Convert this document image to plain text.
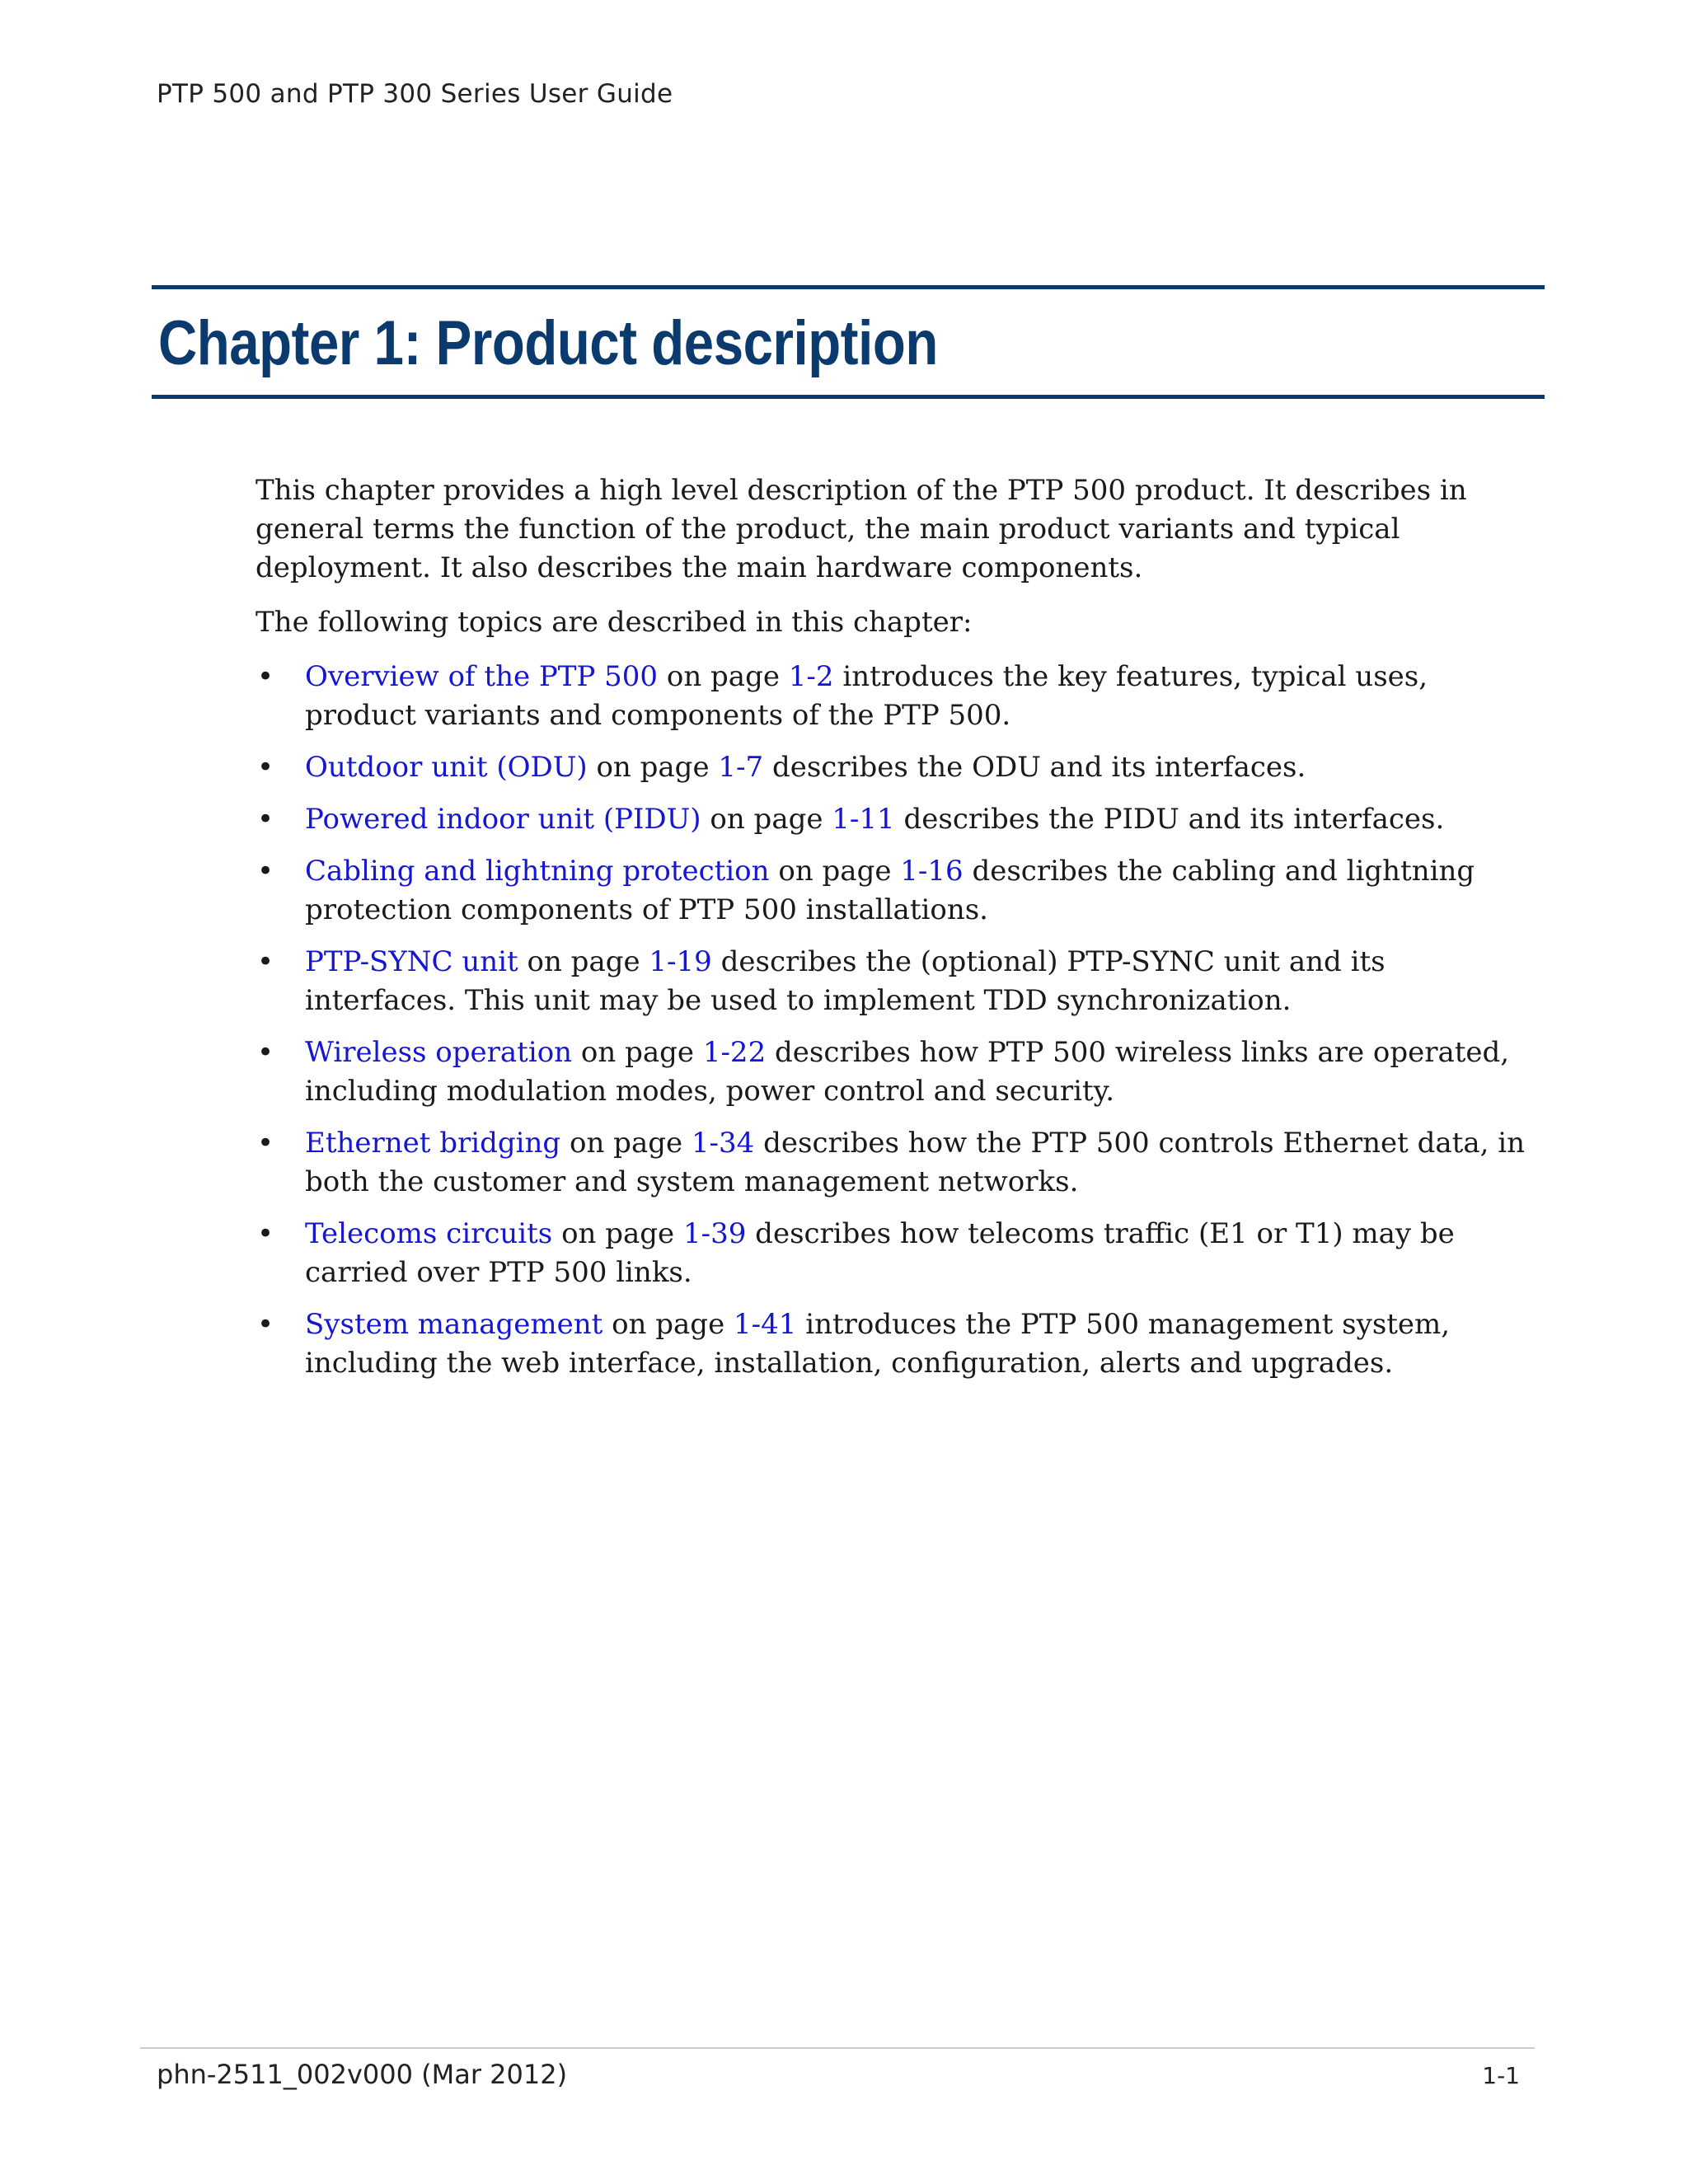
PTP 500 and PTP 300 Series User Guide
Chapter 1: Product description

This chapter provides a high level description of the PTP 500 product. It describes in general terms the function of the product, the main product variants and typical deployment. It also describes the main hardware components.

The following topics are described in this chapter:

• Overview of the PTP 500 on page 1-2 introduces the key features, typical uses, product variants and components of the PTP 500.
• Outdoor unit (ODU) on page 1-7 describes the ODU and its interfaces.
• Powered indoor unit (PIDU) on page 1-11 describes the PIDU and its interfaces.
• Cabling and lightning protection on page 1-16 describes the cabling and lightning protection components of PTP 500 installations.
• PTP-SYNC unit on page 1-19 describes the (optional) PTP-SYNC unit and its interfaces. This unit may be used to implement TDD synchronization.
• Wireless operation on page 1-22 describes how PTP 500 wireless links are operated, including modulation modes, power control and security.
• Ethernet bridging on page 1-34 describes how the PTP 500 controls Ethernet data, in both the customer and system management networks.
• Telecoms circuits on page 1-39 describes how telecoms traffic (E1 or T1) may be carried over PTP 500 links.
• System management on page 1-41 introduces the PTP 500 management system, including the web interface, installation, configuration, alerts and upgrades.
phn-2511_002v000 (Mar 2012)	1-1
